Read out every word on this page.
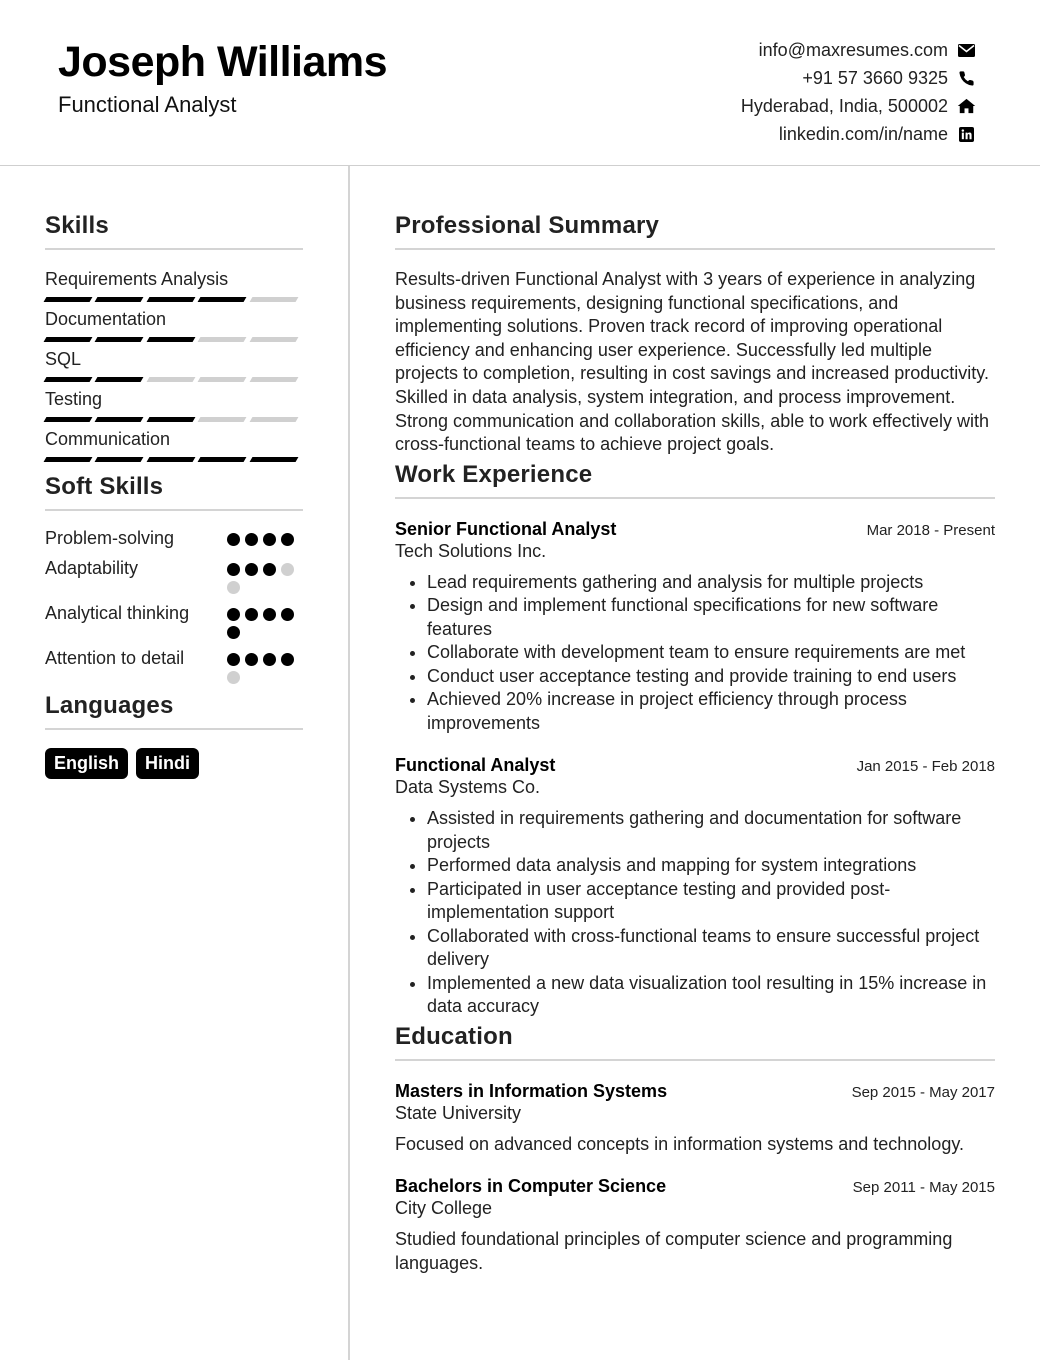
Joseph Williams
Functional Analyst
info@maxresumes.com
+91 57 3660 9325
Hyderabad, India, 500002
linkedin.com/in/name
Skills
Requirements Analysis
Documentation
SQL
Testing
Communication
Soft Skills
Problem-solving
Adaptability
Analytical thinking
Attention to detail
Languages
English	Hindi
Professional Summary

Results-driven Functional Analyst with 3 years of experience in analyzing business requirements, designing functional specifications, and implementing solutions. Proven track record of improving operational efficiency and enhancing user experience. Successfully led multiple projects to completion, resulting in cost savings and increased productivity. Skilled in data analysis, system integration, and process improvement. Strong communication and collaboration skills, able to work effectively with cross-functional teams to achieve project goals.

Work Experience
Senior Functional Analyst	Mar 2018 - Present
Tech Solutions Inc.
• Lead requirements gathering and analysis for multiple projects
• Design and implement functional specifications for new software features
• Collaborate with development team to ensure requirements are met
• Conduct user acceptance testing and provide training to end users
• Achieved 20% increase in project efficiency through process improvements
Functional Analyst	Jan 2015 - Feb 2018
Data Systems Co.
• Assisted in requirements gathering and documentation for software projects
• Performed data analysis and mapping for system integrations
• Participated in user acceptance testing and provided post-implementation support
• Collaborated with cross-functional teams to ensure successful project delivery
• Implemented a new data visualization tool resulting in 15% increase in data accuracy
Education
Masters in Information Systems	Sep 2015 - May 2017
State University

Focused on advanced concepts in information systems and technology.

Bachelors in Computer Science	Sep 2011 - May 2015
City College

Studied foundational principles of computer science and programming languages.
